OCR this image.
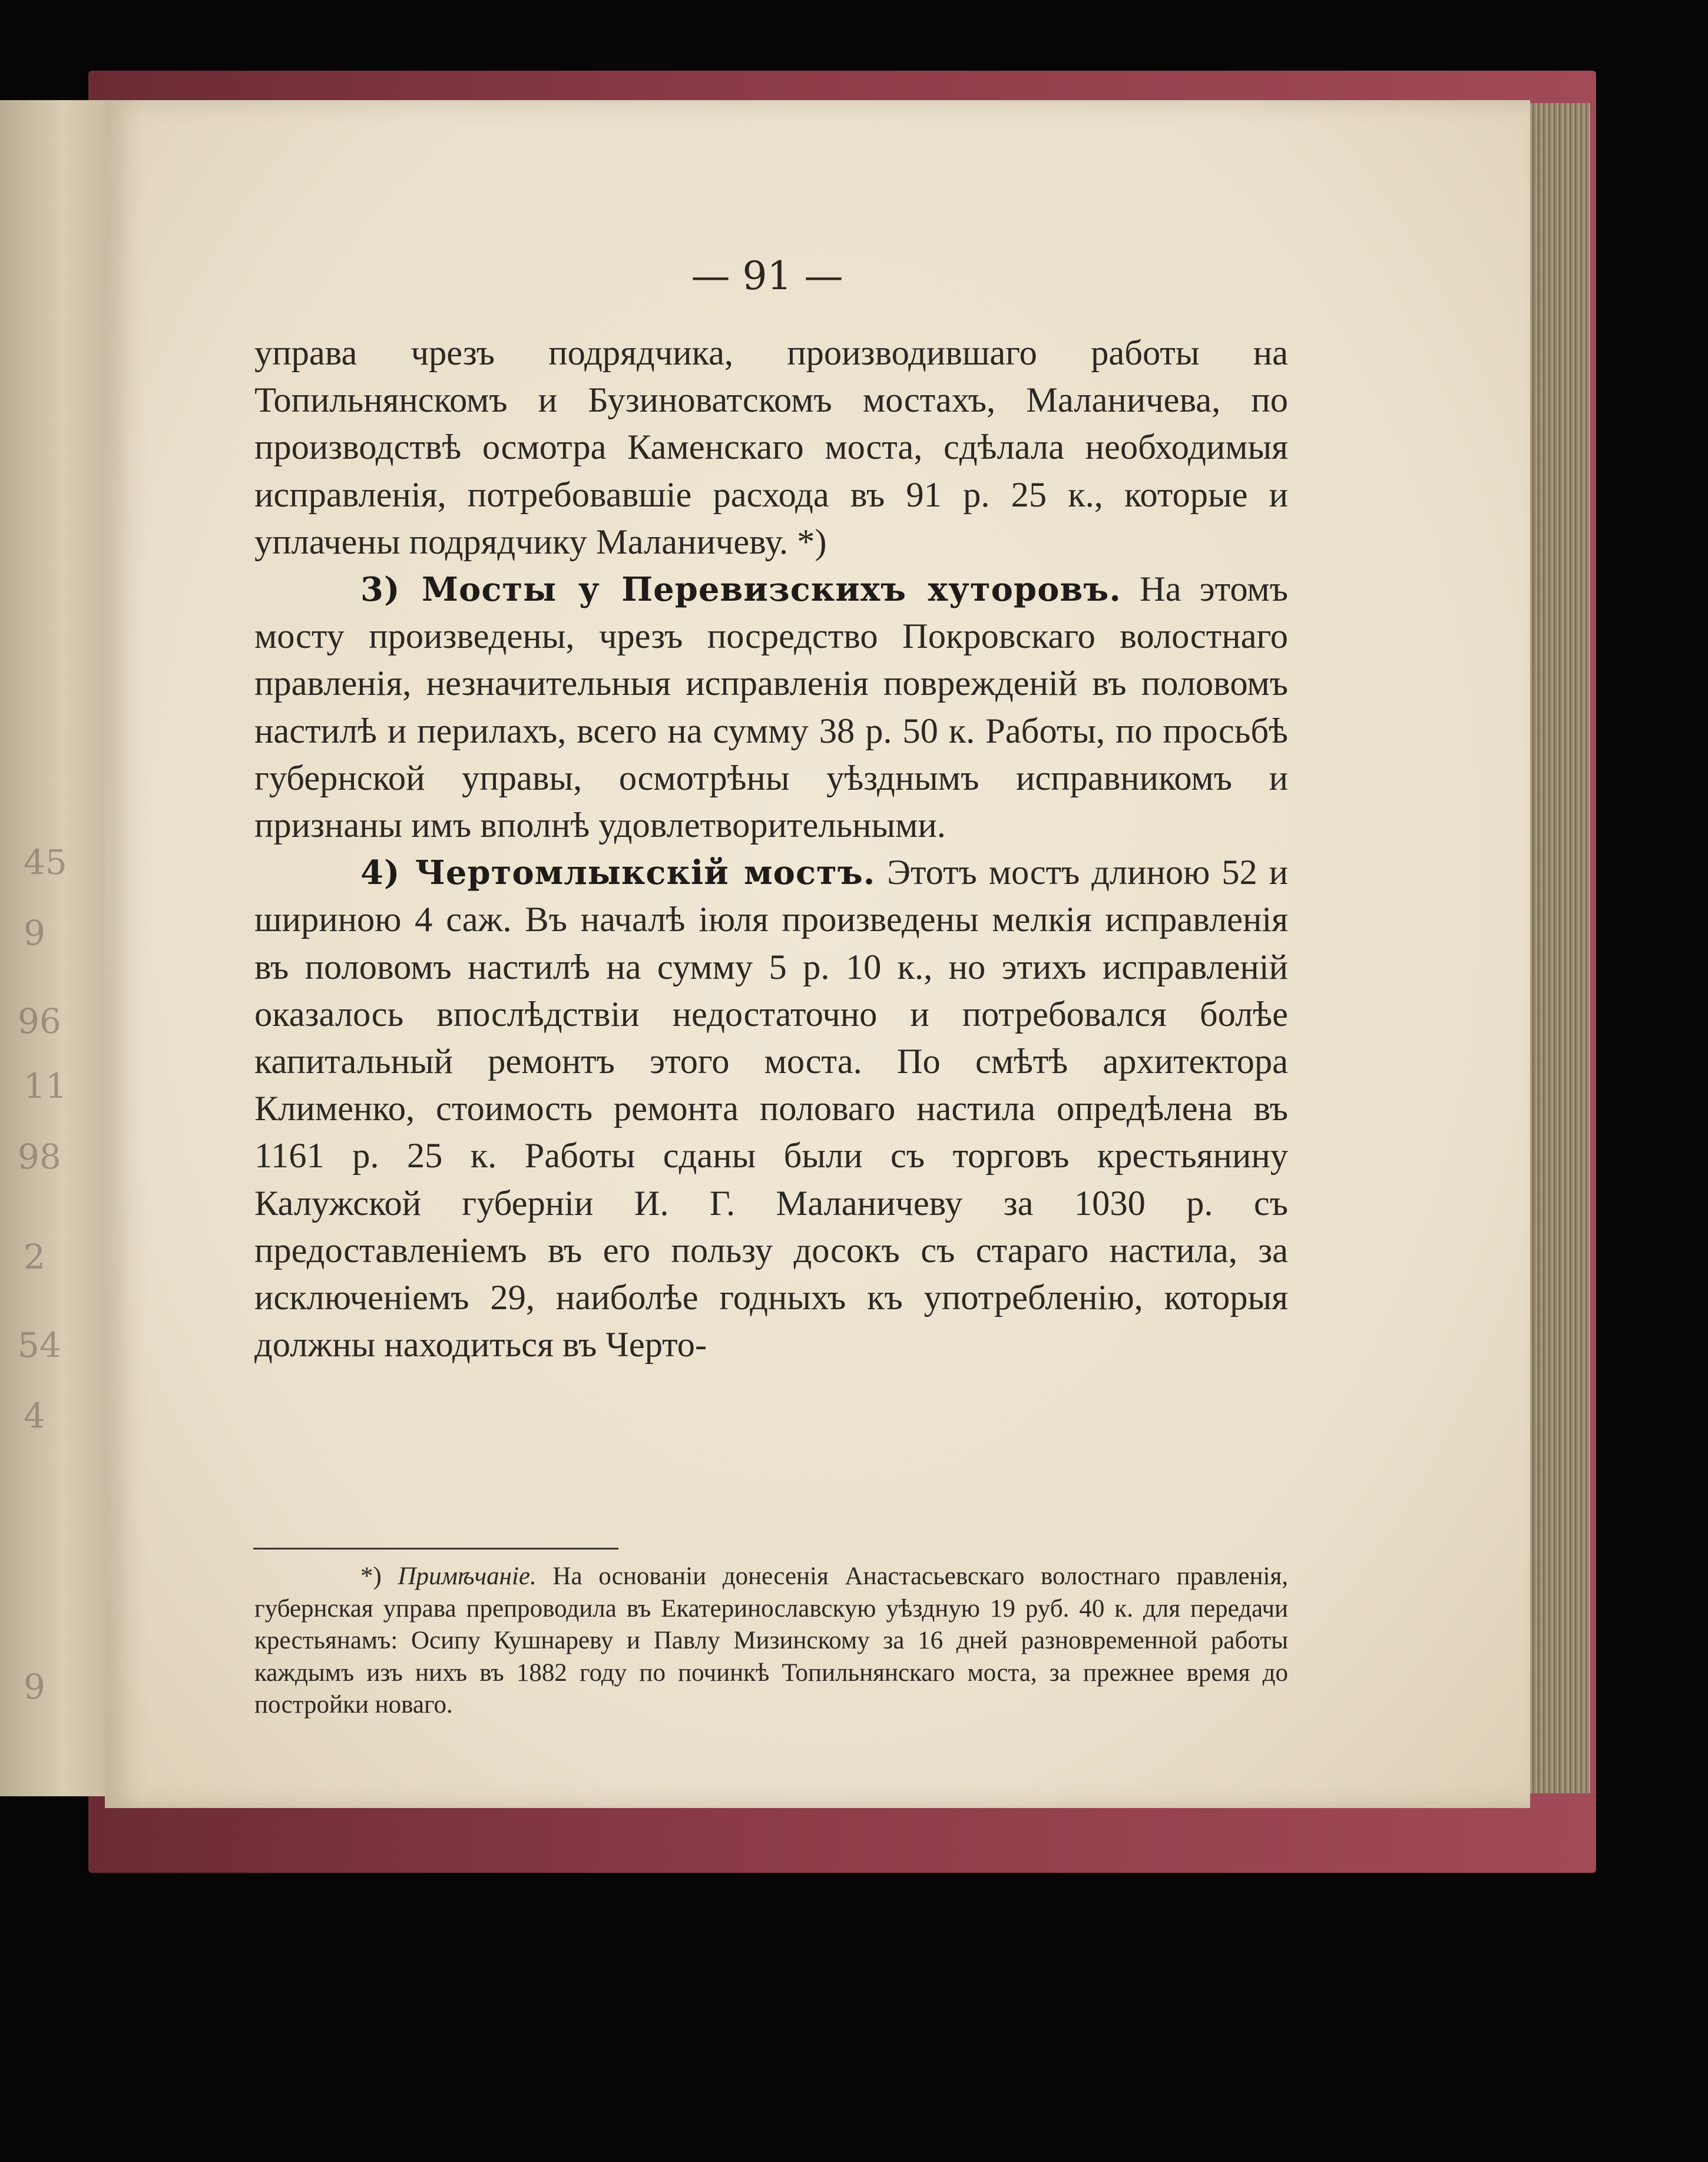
45
9
96
11
98
2
54
4
9
— 91 —

управа чрезъ подрядчика, производившаго работы на Топильнянскомъ и Бузиноватскомъ мостахъ, Маланичева, по производствѣ осмотра Каменскаго моста, сдѣлала необходимыя исправленія, потребовавшіе расхода въ 91 р. 25 к., которые и уплачены подрядчику Маланичеву. *)

3) Мосты у Перевизскихъ хуторовъ. На этомъ мосту произведены, чрезъ посредство Покровскаго волостнаго правленія, незначительныя исправленія поврежденій въ половомъ настилѣ и перилахъ, всего на сумму 38 р. 50 к. Работы, по просьбѣ губернской управы, осмотрѣны уѣзднымъ исправникомъ и признаны имъ вполнѣ удовлетворительными.

4) Чертомлыкскій мостъ. Этотъ мостъ длиною 52 и шириною 4 саж. Въ началѣ іюля произведены мелкія исправленія въ половомъ настилѣ на сумму 5 р. 10 к., но этихъ исправленій оказалось впослѣдствіи недостаточно и потребовался болѣе капитальный ремонтъ этого моста. По смѣтѣ архитектора Клименко, стоимость ремонта половаго настила опредѣлена въ 1161 р. 25 к. Работы сданы были съ торговъ крестьянину Калужской губерніи И. Г. Маланичеву за 1030 р. съ предоставленіемъ въ его пользу досокъ съ стараго настила, за исключеніемъ 29, наиболѣе годныхъ къ употребленію, которыя должны находиться въ Черто-

*) Примѣчаніе. На основаніи донесенія Анастасьевскаго волостнаго правленія, губернская управа препроводила въ Екатеринославскую уѣздную 19 руб. 40 к. для передачи крестьянамъ: Осипу Кушнареву и Павлу Мизинскому за 16 дней разновременной работы каждымъ изъ нихъ въ 1882 году по починкѣ Топильнянскаго моста, за прежнее время до постройки новаго.
